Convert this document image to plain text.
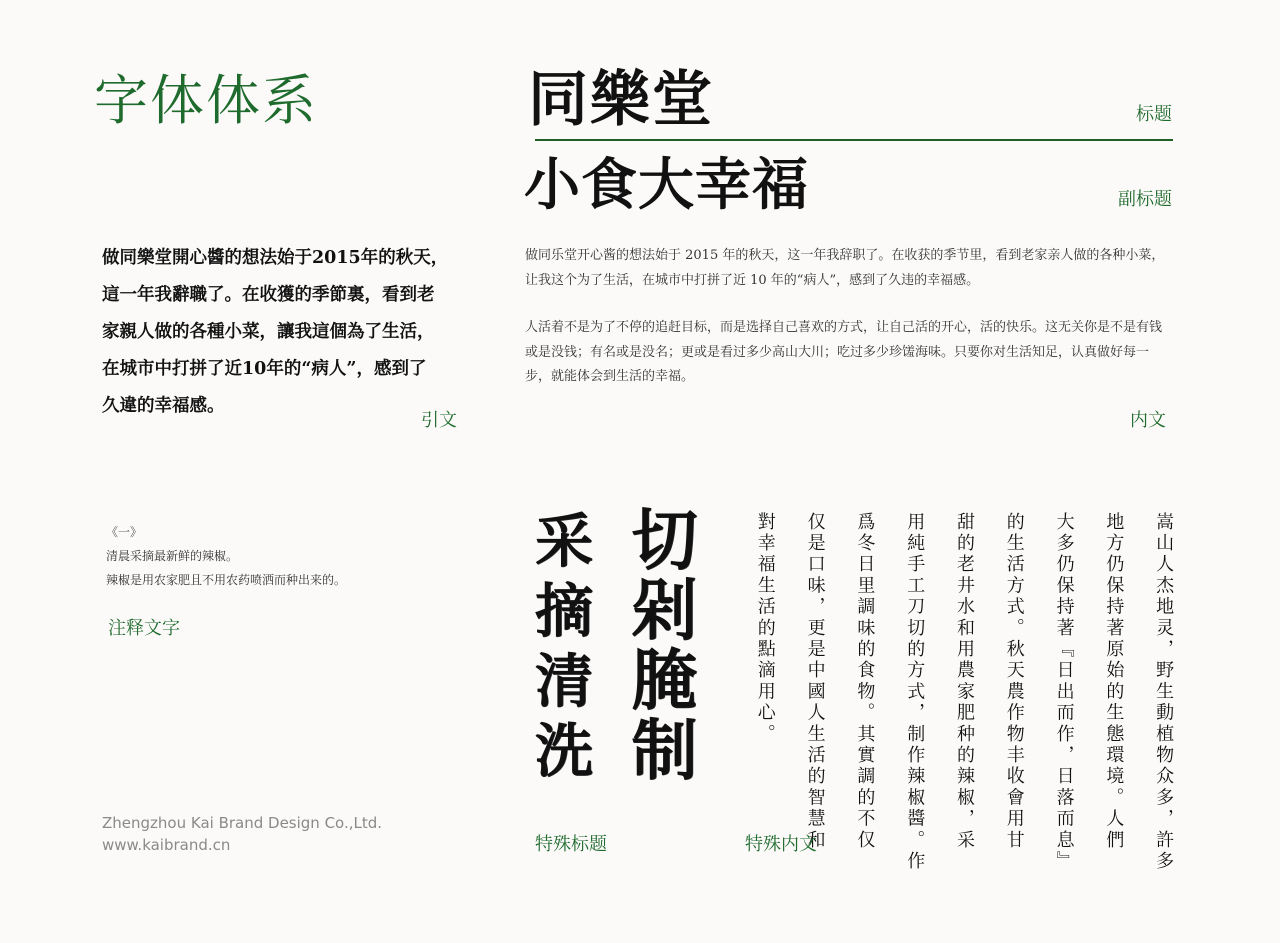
字体体系	同樂堂	标题
小食大幸福	副标题

做同樂堂開心醬的想法始于2015年的秋天，

這一年我辭職了。在收獲的季節裏，看到老

家親人做的各種小菜，讓我這個為了生活，

在城市中打拼了近10年的“病人”，感到了

久違的幸福感。

引文

做同乐堂开心酱的想法始于 2015 年的秋天，这一年我辞职了。在收获的季节里，看到老家亲人做的各种小菜，让我这个为了生活，在城市中打拼了近 10 年的“病人”，感到了久违的幸福感。

人活着不是为了不停的追赶目标，而是选择自己喜欢的方式，让自己活的开心，活的快乐。这无关你是不是有钱或是没钱；有名或是没名；更或是看过多少高山大川；吃过多少珍馐海味。只要你对生活知足，认真做好每一步，就能体会到生活的幸福。

内文
《一》
清晨采摘最新鲜的辣椒。
辣椒是用农家肥且不用农药喷洒而种出来的。
注释文字	采摘清洗 切剁腌制
特殊标题	嵩山人杰地灵，野生動植物众多，許多
地方仍保持著原始的生態環境。人們
大多仍保持著『日出而作，日落而息』
的生活方式。秋天農作物丰收會用甘
甜的老井水和用農家肥种的辣椒，采
用純手工刀切的方式，制作辣椒醬。作
爲冬日里調味的食物。其實調的不仅
仅是口味，更是中國人生活的智慧和
對幸福生活的點滴用心。
特殊内文
Zhengzhou Kai Brand Design Co.,Ltd.
www.kaibrand.cn
